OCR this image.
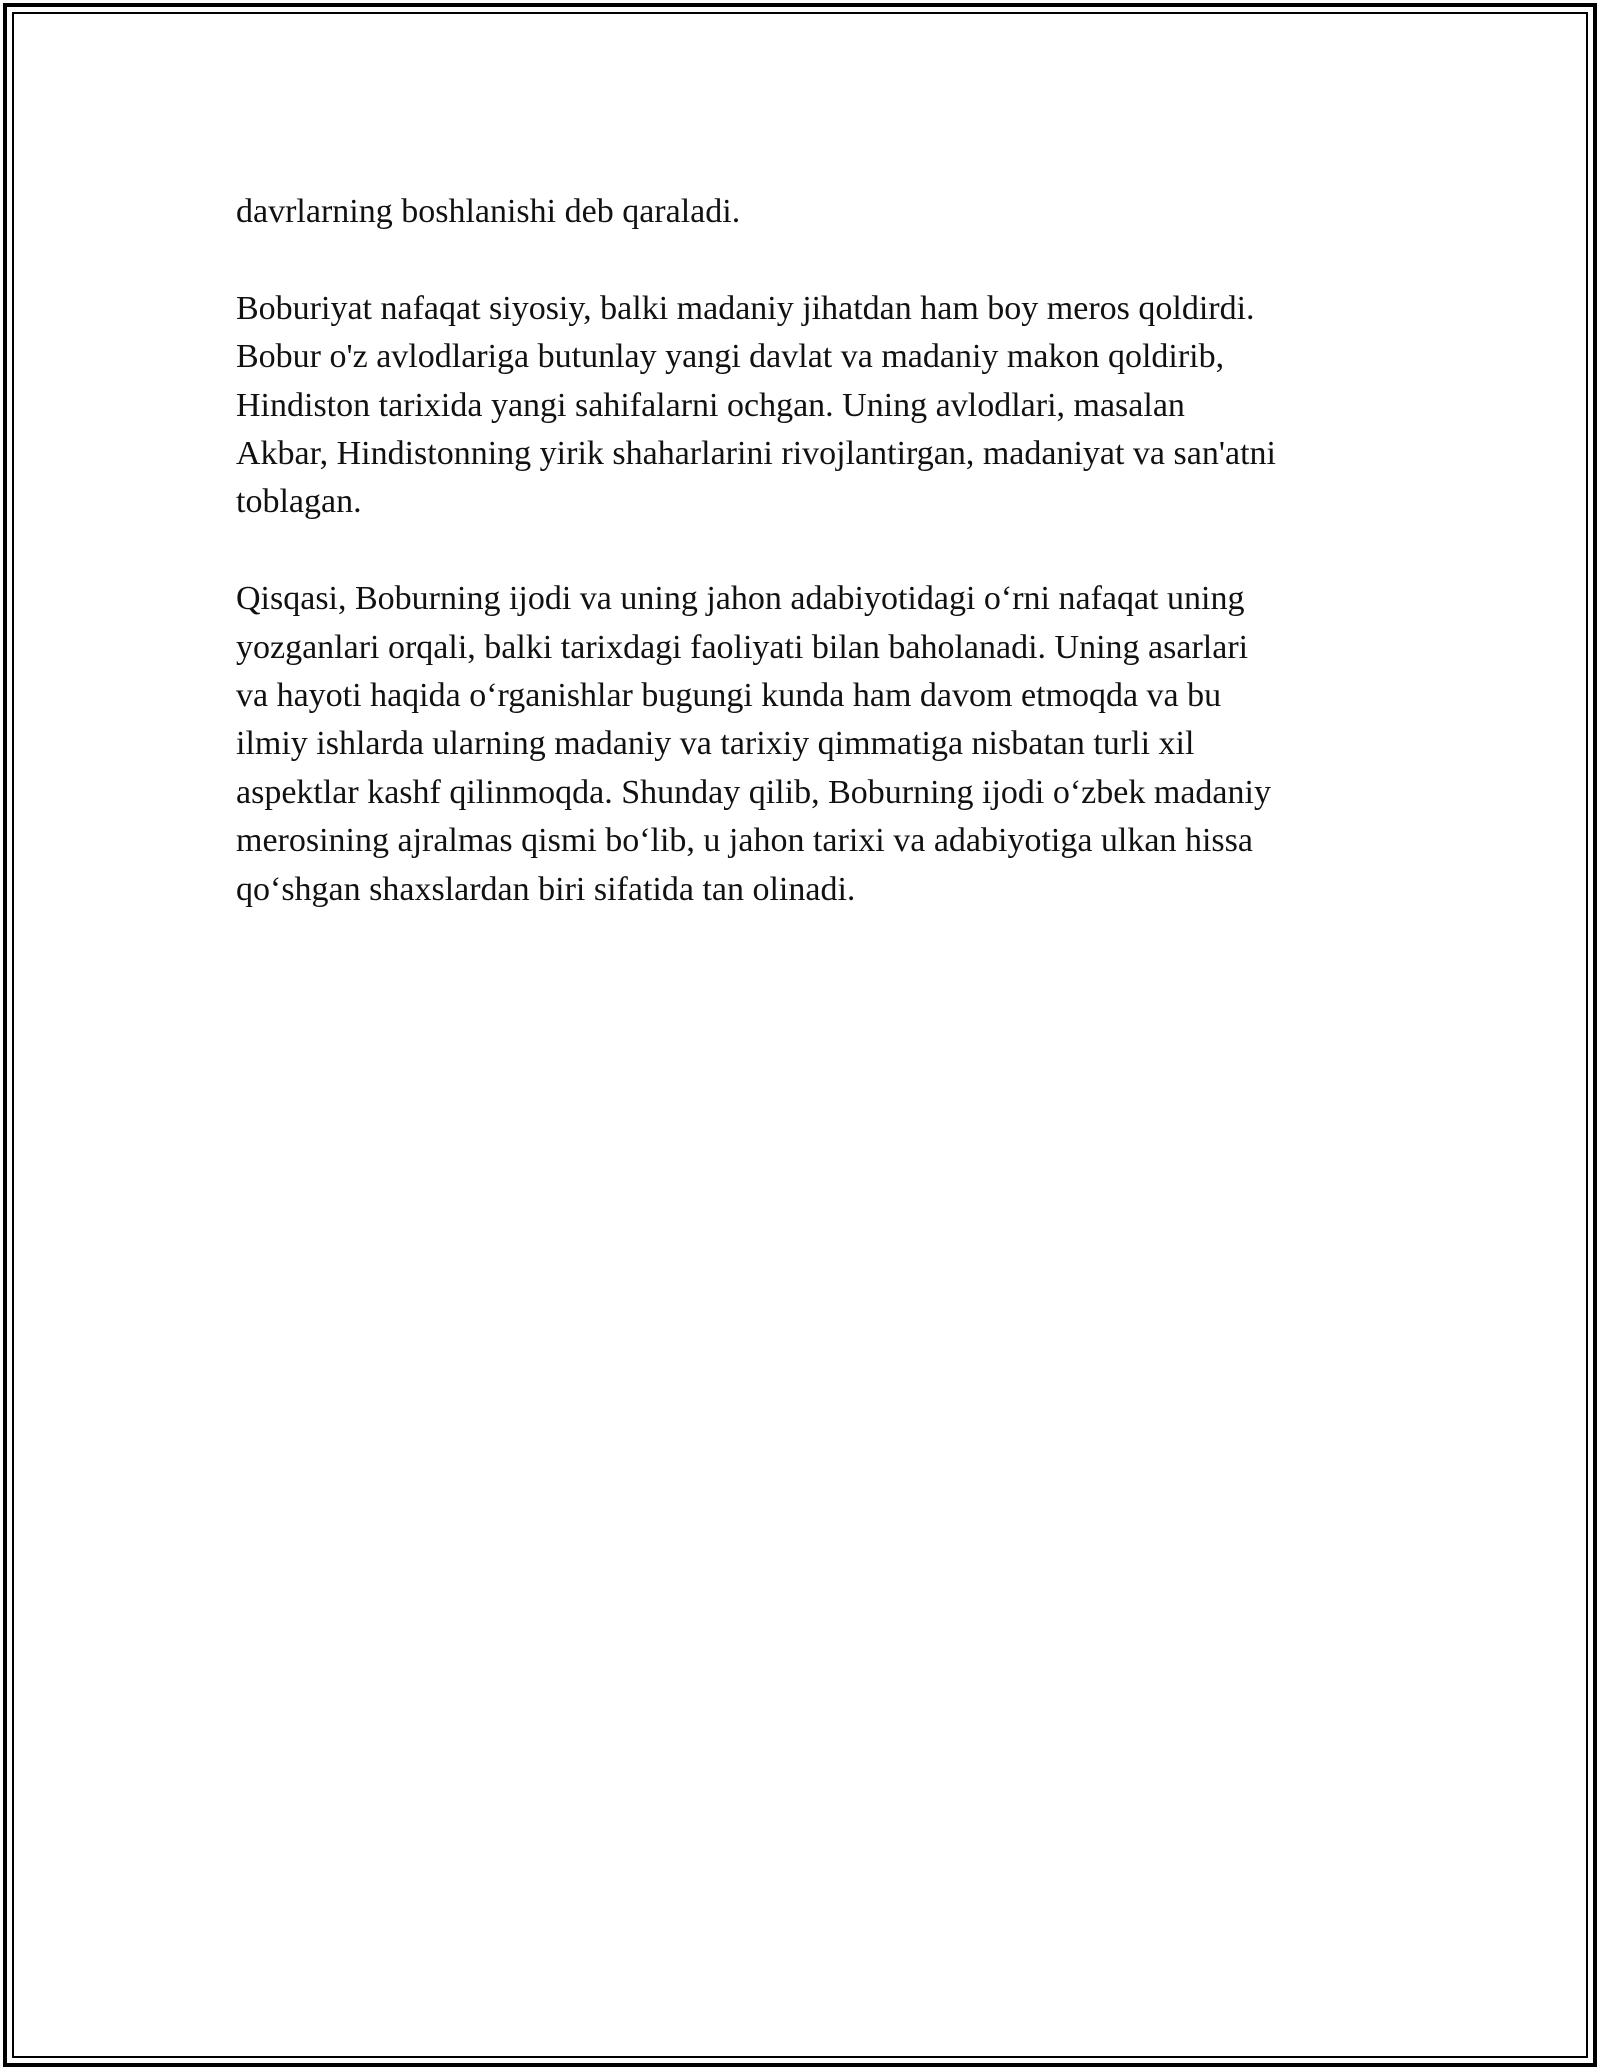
davrlarning boshlanishi deb qaraladi.

Boburiyat nafaqat siyosiy, balki madaniy jihatdan ham boy meros qoldirdi.
Bobur o'z avlodlariga butunlay yangi davlat va madaniy makon qoldirib,
Hindiston tarixida yangi sahifalarni ochgan. Uning avlodlari, masalan
Akbar, Hindistonning yirik shaharlarini rivojlantirgan, madaniyat va san'atni
toblagan.

Qisqasi, Boburning ijodi va uning jahon adabiyotidagi o‘rni nafaqat uning
yozganlari orqali, balki tarixdagi faoliyati bilan baholanadi. Uning asarlari
va hayoti haqida o‘rganishlar bugungi kunda ham davom etmoqda va bu
ilmiy ishlarda ularning madaniy va tarixiy qimmatiga nisbatan turli xil
aspektlar kashf qilinmoqda. Shunday qilib, Boburning ijodi o‘zbek madaniy
merosining ajralmas qismi bo‘lib, u jahon tarixi va adabiyotiga ulkan hissa
qo‘shgan shaxslardan biri sifatida tan olinadi.
